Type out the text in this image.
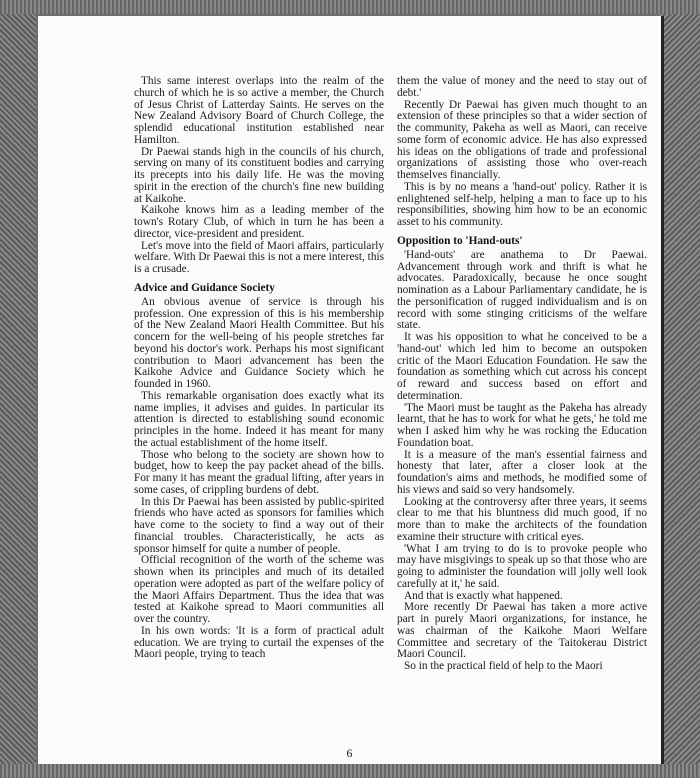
This same interest overlaps into the realm of the church of which he is so active a member, the Church of Jesus Christ of Latterday Saints. He serves on the New Zealand Advisory Board of Church College, the splendid educational institution established near Hamilton.

Dr Paewai stands high in the councils of his church, serving on many of its constituent bodies and carrying its precepts into his daily life. He was the moving spirit in the erection of the church's fine new building at Kaikohe.

Kaikohe knows him as a leading member of the town's Rotary Club, of which in turn he has been a director, vice-president and president.

Let's move into the field of Maori affairs, particularly welfare. With Dr Paewai this is not a mere interest, this is a crusade.

Advice and Guidance Society

An obvious avenue of service is through his profession. One expression of this is his membership of the New Zealand Maori Health Committee. But his concern for the well-being of his people stretches far beyond his doctor's work. Perhaps his most significant contribution to Maori advancement has been the Kaikohe Advice and Guidance Society which he founded in 1960.

This remarkable organisation does exactly what its name implies, it advises and guides. In particular its attention is directed to establishing sound economic principles in the home. Indeed it has meant for many the actual establishment of the home itself.

Those who belong to the society are shown how to budget, how to keep the pay packet ahead of the bills. For many it has meant the gradual lifting, after years in some cases, of crippling burdens of debt.

In this Dr Paewai has been assisted by public-spirited friends who have acted as sponsors for families which have come to the society to find a way out of their financial troubles. Characteristically, he acts as sponsor himself for quite a number of people.

Official recognition of the worth of the scheme was shown when its principles and much of its detailed operation were adopted as part of the welfare policy of the Maori Affairs Department. Thus the idea that was tested at Kaikohe spread to Maori communities all over the country.

In his own words: 'It is a form of practical adult education. We are trying to curtail the expenses of the Maori people, trying to teach

them the value of money and the need to stay out of debt.'

Recently Dr Paewai has given much thought to an extension of these principles so that a wider section of the community, Pakeha as well as Maori, can receive some form of economic advice. He has also expressed his ideas on the obligations of trade and professional organizations of assisting those who over-reach themselves financially.

This is by no means a 'hand-out' policy. Rather it is enlightened self-help, helping a man to face up to his responsibilities, showing him how to be an economic asset to his community.

Opposition to 'Hand-outs'

'Hand-outs' are anathema to Dr Paewai. Advancement through work and thrift is what he advocates. Paradoxically, because he once sought nomination as a Labour Parliamentary candidate, he is the personification of rugged individualism and is on record with some stinging criticisms of the welfare state.

It was his opposition to what he conceived to be a 'hand-out' which led him to become an outspoken critic of the Maori Education Foundation. He saw the foundation as something which cut across his concept of reward and success based on effort and determination.

'The Maori must be taught as the Pakeha has already learnt, that he has to work for what he gets,' he told me when I asked him why he was rocking the Education Foundation boat.

It is a measure of the man's essential fairness and honesty that later, after a closer look at the foundation's aims and methods, he modified some of his views and said so very handsomely.

Looking at the controversy after three years, it seems clear to me that his bluntness did much good, if no more than to make the architects of the foundation examine their structure with critical eyes.

'What I am trying to do is to provoke people who may have misgivings to speak up so that those who are going to administer the foundation will jolly well look carefully at it,' he said.

And that is exactly what happened.

More recently Dr Paewai has taken a more active part in purely Maori organizations, for instance, he was chairman of the Kaikohe Maori Welfare Committee and secretary of the Taitokerau District Maori Council.

So in the practical field of help to the Maori

6
